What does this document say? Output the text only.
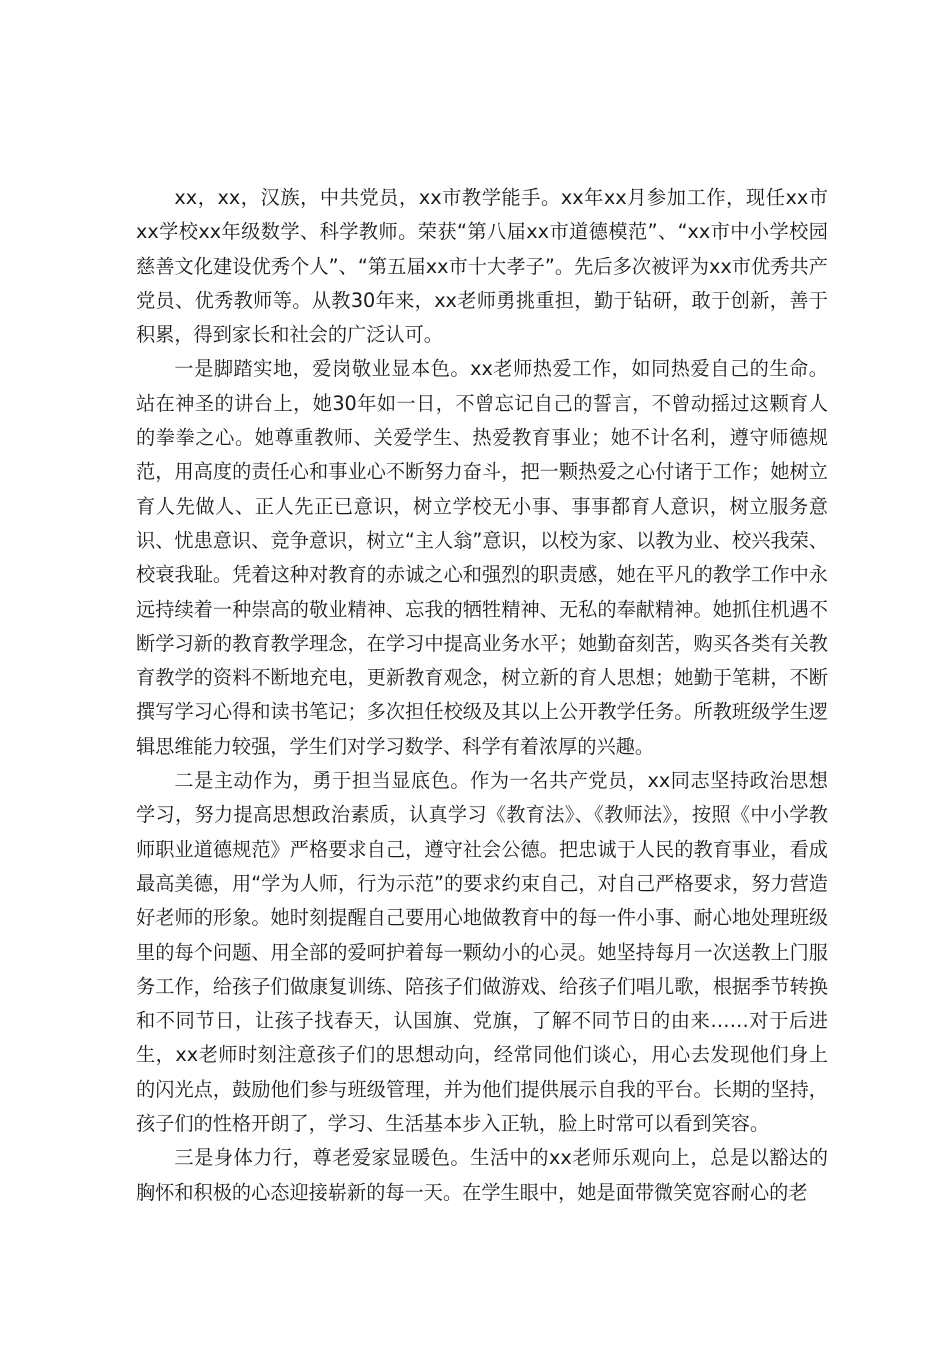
xx，xx，汉族，中共党员，xx市教学能手。xx年xx月参加工作，现任xx市xx学校xx年级数学、科学教师。荣获“第八届xx市道德模范”、“xx市中小学校园慈善文化建设优秀个人”、“第五届xx市十大孝子”。先后多次被评为xx市优秀共产党员、优秀教师等。从教30年来，xx老师勇挑重担，勤于钻研，敢于创新，善于积累，得到家长和社会的广泛认可。

一是脚踏实地，爱岗敬业显本色。xx老师热爱工作，如同热爱自己的生命。站在神圣的讲台上，她30年如一日，不曾忘记自己的誓言，不曾动摇过这颗育人的拳拳之心。她尊重教师、关爱学生、热爱教育事业；她不计名利，遵守师德规范，用高度的责任心和事业心不断努力奋斗，把一颗热爱之心付诸于工作；她树立育人先做人、正人先正已意识，树立学校无小事、事事都育人意识，树立服务意识、忧患意识、竞争意识，树立“主人翁”意识，以校为家、以教为业、校兴我荣、校衰我耻。凭着这种对教育的赤诚之心和强烈的职责感，她在平凡的教学工作中永远持续着一种崇高的敬业精神、忘我的牺牲精神、无私的奉献精神。她抓住机遇不断学习新的教育教学理念，在学习中提高业务水平；她勤奋刻苦，购买各类有关教育教学的资料不断地充电，更新教育观念，树立新的育人思想；她勤于笔耕，不断撰写学习心得和读书笔记；多次担任校级及其以上公开教学任务。所教班级学生逻辑思维能力较强，学生们对学习数学、科学有着浓厚的兴趣。

二是主动作为，勇于担当显底色。作为一名共产党员，xx同志坚持政治思想学习，努力提高思想政治素质，认真学习《教育法》、《教师法》，按照《中小学教师职业道德规范》严格要求自己，遵守社会公德。把忠诚于人民的教育事业，看成最高美德，用“学为人师，行为示范”的要求约束自己，对自己严格要求，努力营造好老师的形象。她时刻提醒自己要用心地做教育中的每一件小事、耐心地处理班级里的每个问题、用全部的爱呵护着每一颗幼小的心灵。她坚持每月一次送教上门服务工作，给孩子们做康复训练、陪孩子们做游戏、给孩子们唱儿歌，根据季节转换和不同节日，让孩子找春天，认国旗、党旗，了解不同节日的由来……对于后进生，xx老师时刻注意孩子们的思想动向，经常同他们谈心，用心去发现他们身上的闪光点，鼓励他们参与班级管理，并为他们提供展示自我的平台。长期的坚持，孩子们的性格开朗了，学习、生活基本步入正轨，脸上时常可以看到笑容。

三是身体力行，尊老爱家显暖色。生活中的xx老师乐观向上，总是以豁达的胸怀和积极的心态迎接崭新的每一天。在学生眼中，她是面带微笑宽容耐心的老
